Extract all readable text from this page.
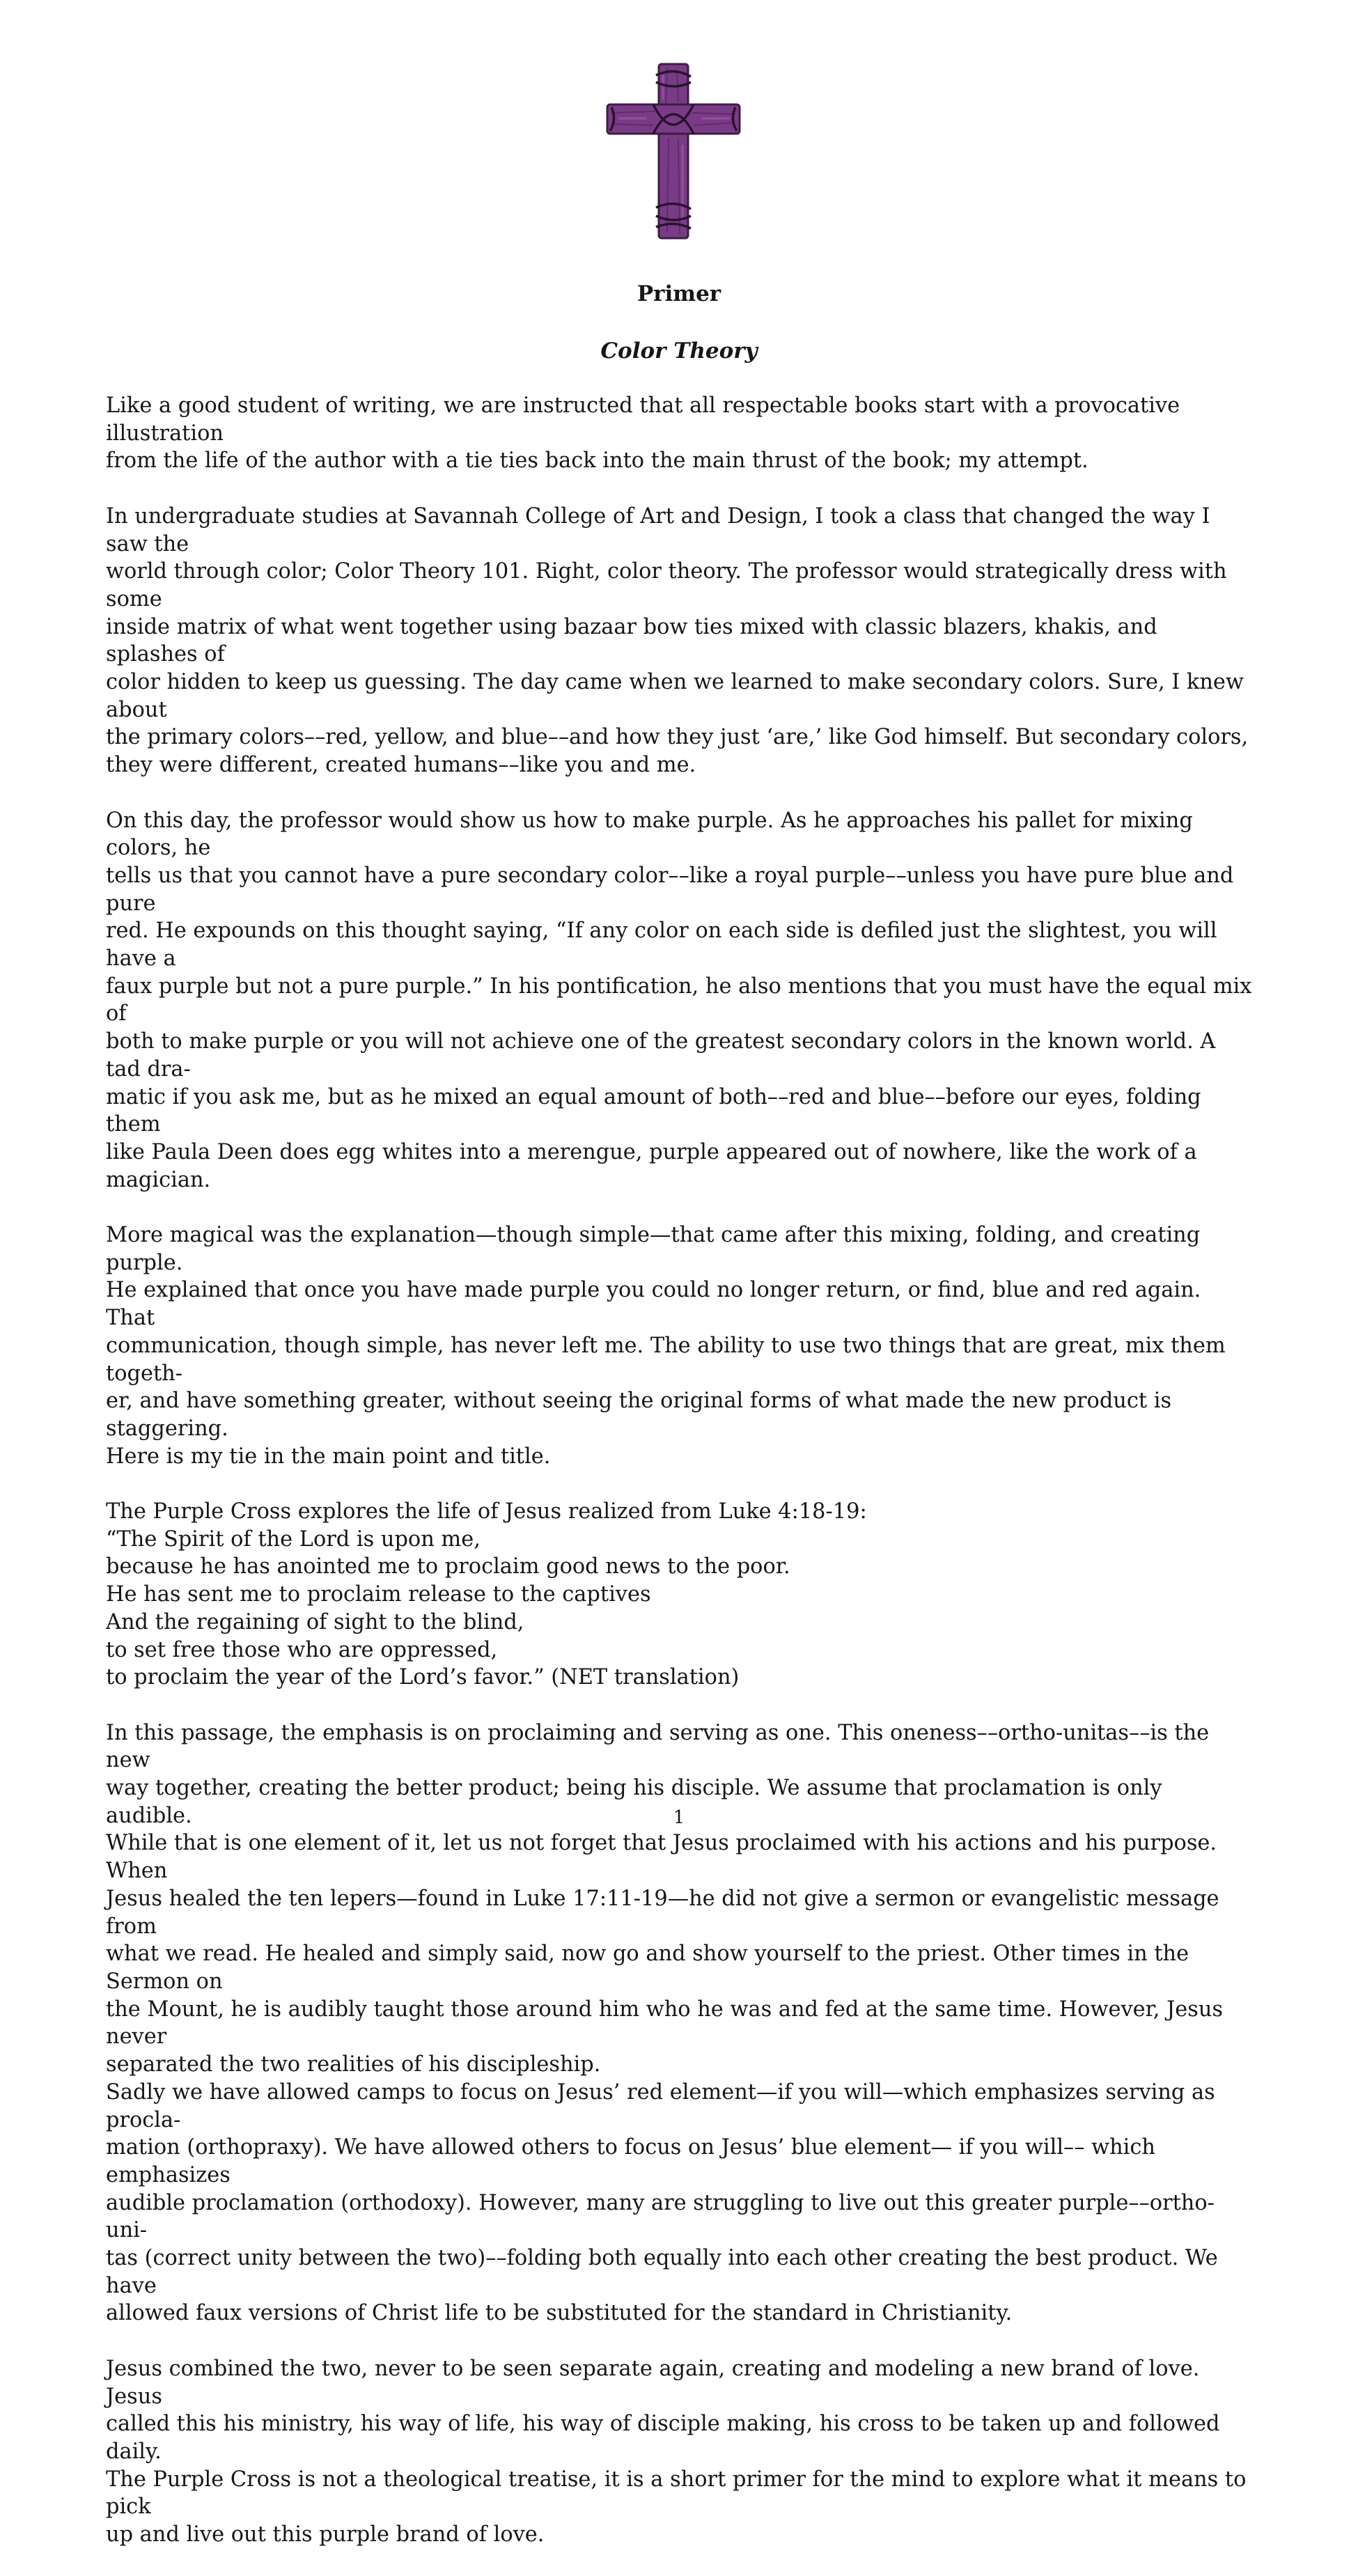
Primer
Color Theory

Like a good student of writing, we are instructed that all respectable books start with a provocative illustration
from the life of the author with a tie ties back into the main thrust of the book; my attempt.

In undergraduate studies at Savannah College of Art and Design, I took a class that changed the way I saw the
world through color; Color Theory 101. Right, color theory. The professor would strategically dress with some
inside matrix of what went together using bazaar bow ties mixed with classic blazers, khakis, and splashes of
color hidden to keep us guessing. The day came when we learned to make secondary colors. Sure, I knew about
the primary colors––red, yellow, and blue––and how they just ‘are,’ like God himself. But secondary colors,
they were different, created humans––like you and me.

On this day, the professor would show us how to make purple. As he approaches his pallet for mixing colors, he
tells us that you cannot have a pure secondary color––like a royal purple––unless you have pure blue and pure
red. He expounds on this thought saying, “If any color on each side is defiled just the slightest, you will have a
faux purple but not a pure purple.” In his pontification, he also mentions that you must have the equal mix of
both to make purple or you will not achieve one of the greatest secondary colors in the known world. A tad dra-
matic if you ask me, but as he mixed an equal amount of both––red and blue––before our eyes, folding them
like Paula Deen does egg whites into a merengue, purple appeared out of nowhere, like the work of a magician.

More magical was the explanation—though simple—that came after this mixing, folding, and creating purple.
He explained that once you have made purple you could no longer return, or find, blue and red again. That
communication, though simple, has never left me. The ability to use two things that are great, mix them togeth-
er, and have something greater, without seeing the original forms of what made the new product is staggering.
Here is my tie in the main point and title.

The Purple Cross explores the life of Jesus realized from Luke 4:18-19:
“The Spirit of the Lord is upon me,
because he has anointed me to proclaim good news to the poor.
He has sent me to proclaim release to the captives
And the regaining of sight to the blind,
to set free those who are oppressed,
to proclaim the year of the Lord’s favor.” (NET translation)

In this passage, the emphasis is on proclaiming and serving as one. This oneness––ortho-unitas––is the new
way together, creating the better product; being his disciple. We assume that proclamation is only audible.
While that is one element of it, let us not forget that Jesus proclaimed with his actions and his purpose. When
Jesus healed the ten lepers—found in Luke 17:11-19—he did not give a sermon or evangelistic message from
what we read. He healed and simply said, now go and show yourself to the priest. Other times in the Sermon on
the Mount, he is audibly taught those around him who he was and fed at the same time. However, Jesus never
separated the two realities of his discipleship.

Sadly we have allowed camps to focus on Jesus’ red element—if you will—which emphasizes serving as procla-
mation (orthopraxy). We have allowed others to focus on Jesus’ blue element— if you will–– which emphasizes
audible proclamation (orthodoxy). However, many are struggling to live out this greater purple––ortho-uni-
tas (correct unity between the two)––folding both equally into each other creating the best product. We have
allowed faux versions of Christ life to be substituted for the standard in Christianity.

Jesus combined the two, never to be seen separate again, creating and modeling a new brand of love. Jesus
called this his ministry, his way of life, his way of disciple making, his cross to be taken up and followed daily.
The Purple Cross is not a theological treatise, it is a short primer for the mind to explore what it means to pick
up and live out this purple brand of love.

1
